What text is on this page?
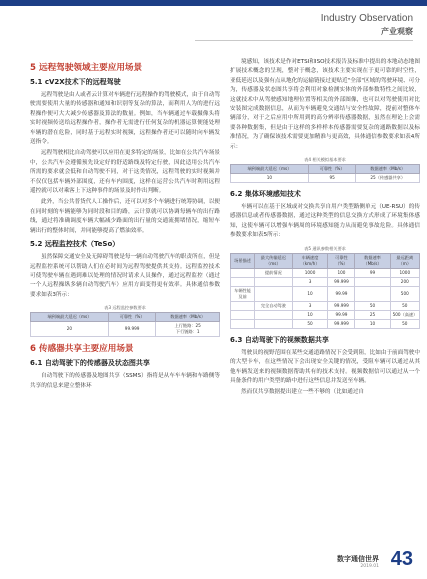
Industry Observation
产业观察
5 远程驾驶领域主要应用场景
5.1 cV2X技术下的远程驾驶

远程驾驶是由人或者云计算对车辆进行远程操作的驾驶模式，由于自动驾驶需要使用大量的传感器和通知和识别等复杂的算法，而利用人为的进行远程操作便可大大减少传感器及算法的数量。例如，当车辆通过车载摄像头将实时视频传送给远程操作者，操作者无需进行任何复杂的机器运算便能处理车辆的潜在危险，同时基于远程实时视频，远程操作者还可以随时向车辆发送指令。

远程驾驶相比自动驾驶可以应用在更多特定的场景，比如在公共汽车场景中，公共汽车会遵循预先设定好的舒适路线及特定行驶，因此适用公共汽车所需的要求就会低和自动驾驶不同，对于这类情况，远程驾驶的实时视频并不仅仅包括车辆外部围度，还有车内围度，这样在运营公共汽车时利用远程遥控就可以对乘客上下这种事件的场景及时作出判断。

此外，当公共普货代人工操作后，还可以对多个车辆进行统筹协调，以便在同时刻的车辆能够为同时段和目的路，云计算就可以协调每辆车的出行路线，通过将准确调度车辆大幅减少路面的出行量的交通流拥堵情况，缩短车辆出行的整体时间，并同能够提高了燃油效率。

5.2 远程监控技术（TeSo）

虽然保障交通安全及无障碍驾驶是每一辆自动驾驶汽车的职责所在，但是远程监控系统可以帮助人们在必时间为远程驾驶提供其支持。远程监控技术可使驾驶车辆在遇到难以处理的情况时请求人员操作，通过远程监控（通过一个人远程操纵多辆自动驾驶汽车）应用方面变得更有效率。具体通信参数要求如表3所示：

表3 远程监控参数要求
端到端最大延迟（ms）	可靠性（%）	数据速率（Mb/s）
20	99.999	上行链路：25
下行链路：1
6 传感器共享主要应用场景
6.1 自动驾驶下的传感器及状态图共享

自动驾驶下的传感器及地图共享（SSMS）指将是从车车车辆和车路侧等共享的信息来建立整体环

境感知，该技术是作对ETSI和ISO技术报告及标准中提出的本地动态地图扩展技术概念的呈现，整对于概念，该技术主要实现在于更可靠的时空性，亚低延迟以及强有点从地化的运输链接过更贴近"全部"区域的驾驶环境、可分为，传感器及状态图共享将会利用对象检测实体的外部参数特性之间比较，这就技术中从驾驶感知地理位置等相关的外部图像，也可以对驾驶使用对比安装图完成数据信息，从而为车辆避免交通结与安全性故障，提前对整体车辆部分，对于之后应用中所用到的高分辨率传感器数据，虽然在理论上会需要各种数据集，但是由于这样的多样样本传感器需要复杂的通路数据以及标准情况，为了确保该技术需要更加精准与更高效，具体通信参数要求如表4所示：

表4 相关模拟基本要求
端到端最大延迟（ms）	可靠性（%）	数据速率（Mb/s）
10	95	25（传感器共享）
6.2 集体环境感知技术

车辆可以在基于区域或对交换共享自用户类型路侧单元（UE-RSU）的传感器信息或者传感器数据，通过这种类型的信息交换方式形成了环境集体感知，这使车辆可以增强车辆周的环境感知能力从而避免事故危险。具体通信参数要求如表5所示：

表5 通讯参数相关要求
场景描述	最大传输延迟（ms）	车辆速度（km/h）	可靠性（%）	数据速率（Mb/s）	最远距离（m）
	提前情况	1000	100	99	1000
		3	99.999		200
车辆性能及前		10	99.99		500
	完全自动驾驶	3	99.999	50	50
		10	99.99	25	500（高速）
		50	99.999	10	50
6.3 自动驾驶下的视频数据共享

驾驶员的视野范围在某些交通道路情况下会受到阻，比如由于前面驾驶中的大型卡车，在这些情况下会出现安全关键的情况，受阻车辆可以通过从其他车辆发送来的视频数据帮助其有的技术支持。视频数据信可以通过从一个具备条件的用户类型的路中进行这些信息并发送至车辆。

然而仅共享数据提出建立一些不够的（比如通过自

数字通信世界
2019.01 43
